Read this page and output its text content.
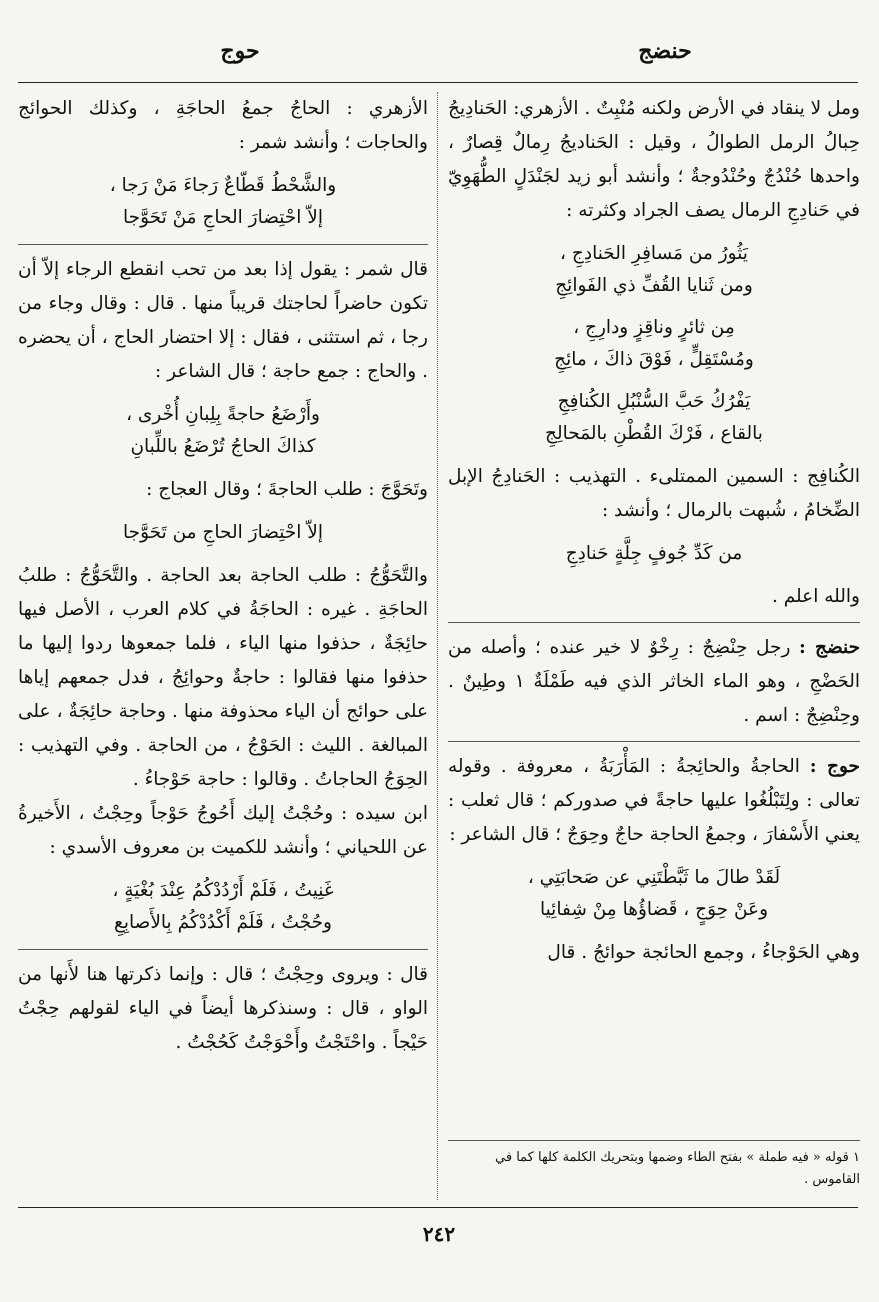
حنضج
حوج

ومل لا ينقاد في الأرض ولكنه مُنْبِتٌ . الأزهري: الحَنادِيجُ حِبالُ الرمل الطوالُ ، وقيل : الحَناديجُ رِمالٌ قِصارٌ ، واحدها حُنْدُجٌ وحُنْدُوجةٌ ؛ وأنشد أبو زيد لجَنْدَلٍ الطُّهَوِيّ في حَنادِجِ الرمال يصف الجراد وكثرته :

يَثُورُ من مَسافِرِ الحَنادِجِ ،
ومن ثَنايا القُفِّ ذي الفَوائِجِ
مِن ثائرٍ وناقِزٍ ودارِجِ ،
ومُسْتَقِلٍّ ، فَوْقَ ذاكَ ، مائِجِ
يَفْرُكُ حَبَّ السُّنْبُلِ الكُنافِجِ
بالقاع ، فَرْكَ القُطْنِ بالمَحالِجِ

الكُنافِج : السمين الممتلىء . التهذيب : الحَنادِجُ الإبل الضِّخامُ ، شُبهت بالرمال ؛ وأنشد :

من كَدِّ جُوفٍ جِلَّةٍ حَنادِجِ

والله اعلم .

حنضج : رجل حِنْضِجٌ : رِخْوٌ لا خير عنده ؛ وأصله من الحَضْجِ ، وهو الماء الخاثر الذي فيه طَمْلَةٌ ١ وطِينٌ . وحِنْضِجٌ : اسم .

حوج : الحاجةُ والحائِجةُ : المَأْرَبَةُ ، معروفة . وقوله تعالى : ولِتَبْلُغُوا عليها حاجةً في صدوركم ؛ قال ثعلب : يعني الأَسْفارَ ، وجمعُ الحاجة حاجٌ وحِوَجٌ ؛ قال الشاعر :

لَقَدْ طالَ ما ثَبَّطْتَنِي عن صَحابَتِي ،
وعَنْ حِوَجٍ ، قَضاؤُها مِنْ شِفائِيا

وهي الحَوْجاءُ ، وجمع الحائجة حوائجُ . قال

١ قوله « فيه طملة » بفتح الطاء وضمها وبتحريك الكلمة كلها كما في القاموس .

الأزهري : الحاجُ جمعُ الحاجَةِ ، وكذلك الحوائج والحاجات ؛ وأنشد شمر :

والشَّحْطُ قَطّاعٌ رَجاءَ مَنْ رَجا ،
إلاّ احْتِضارَ الحاجِ مَنْ تَحَوَّجا

قال شمر : يقول إذا بعد من تحب انقطع الرجاء إلاّ أن تكون حاضراً لحاجتك قريباً منها . قال : وقال وجاء من رجا ، ثم استثنى ، فقال : إلا احتضار الحاج ، أن يحضره . والحاج : جمع حاجة ؛ قال الشاعر :

وأَرْضَعُ حاجةً بِلِبانِ أُخْرى ،
كذاكَ الحاجُ تُرْضَعُ باللِّبانِ

وتَحَوَّجَ : طلب الحاجةَ ؛ وقال العجاج :

إلاّ احْتِضارَ الحاجِ من تَحَوَّجا

والتَّحَوُّجُ : طلب الحاجة بعد الحاجة . والتَّحَوُّجُ : طلبُ الحاجَةِ . غيره : الحاجَةُ في كلام العرب ، الأصل فيها حائِجَةٌ ، حذفوا منها الياء ، فلما جمعوها ردوا إليها ما حذفوا منها فقالوا : حاجةٌ وحوائِجُ ، فدل جمعهم إياها على حوائج أن الياء محذوفة منها . وحاجة حائِجَةٌ ، على المبالغة . الليث : الحَوْجُ ، من الحاجة . وفي التهذيب : الحِوَجُ الحاجاتُ . وقالوا : حاجة حَوْجاءُ .

ابن سيده : وحُجْتُ إليك أَحُوجُ حَوْجاً وحِجْتُ ، الأَخيرةُ عن اللحياني ؛ وأنشد للكميت بن معروف الأسدي :

غَنِيتُ ، فَلَمْ أَرْدُدْكُمُ عِنْدَ بُغْيَةٍ ،
وحُجْتُ ، فَلَمْ أَكْدُدْكُمُ بِالأَصابِعِ

قال : ويروى وحِجْتُ ؛ قال : وإنما ذكرتها هنا لأَنها من الواو ، قال : وسنذكرها أيضاً في الياء لقولهم حِجْتُ حَيْجاً . واحْتَجْتُ وأَحْوَجْتُ كَحُجْتُ .

٢٤٢
